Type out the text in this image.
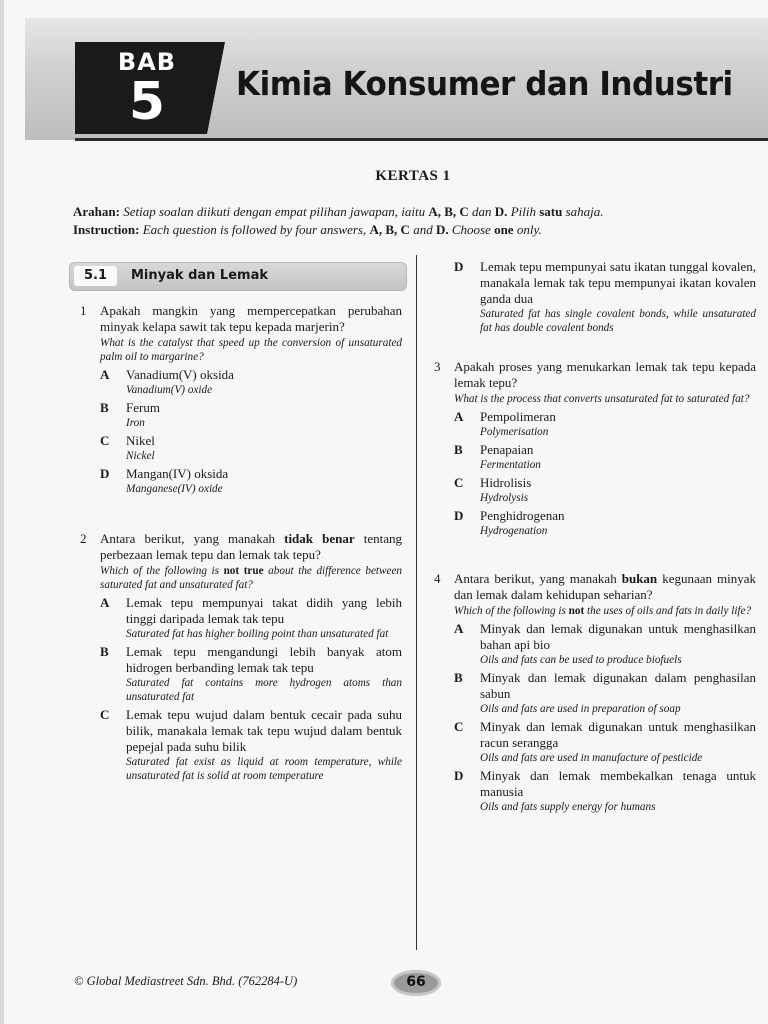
BAB
5	Kimia Konsumer dan Industri
KERTAS 1
Arahan: Setiap soalan diikuti dengan empat pilihan jawapan, iaitu A, B, C dan D. Pilih satu sahaja.
Instruction: Each question is followed by four answers, A, B, C and D. Choose one only.
5.1	Minyak dan Lemak
1	Apakah mangkin yang mempercepatkan perubahan minyak kelapa sawit tak tepu kepada marjerin?
What is the catalyst that speed up the conversion of unsaturated palm oil to margarine?
A Vanadium(V) oksida
Vanadium(V) oxide
B Ferum
Iron
C Nikel
Nickel
D Mangan(IV) oksida
Manganese(IV) oxide
2	Antara berikut, yang manakah tidak benar tentang perbezaan lemak tepu dan lemak tak tepu?
Which of the following is not true about the difference between saturated fat and unsaturated fat?
A Lemak tepu mempunyai takat didih yang lebih tinggi daripada lemak tak tepu
Saturated fat has higher boiling point than unsaturated fat
B Lemak tepu mengandungi lebih banyak atom hidrogen berbanding lemak tak tepu
Saturated fat contains more hydrogen atoms than unsaturated fat
C Lemak tepu wujud dalam bentuk cecair pada suhu bilik, manakala lemak tak tepu wujud dalam bentuk pepejal pada suhu bilik
Saturated fat exist as liquid at room temperature, while unsaturated fat is solid at room temperature
D Lemak tepu mempunyai satu ikatan tunggal kovalen, manakala lemak tak tepu mempunyai ikatan kovalen ganda dua
Saturated fat has single covalent bonds, while unsaturated fat has double covalent bonds
3	Apakah proses yang menukarkan lemak tak tepu kepada lemak tepu?
What is the process that converts unsaturated fat to saturated fat?
A Pempolimeran
Polymerisation
B Penapaian
Fermentation
C Hidrolisis
Hydrolysis
D Penghidrogenan
Hydrogenation
4	Antara berikut, yang manakah bukan kegunaan minyak dan lemak dalam kehidupan seharian?
Which of the following is not the uses of oils and fats in daily life?
A Minyak dan lemak digunakan untuk menghasilkan bahan api bio
Oils and fats can be used to produce biofuels
B Minyak dan lemak digunakan dalam penghasilan sabun
Oils and fats are used in preparation of soap
C Minyak dan lemak digunakan untuk menghasilkan racun serangga
Oils and fats are used in manufacture of pesticide
D Minyak dan lemak membekalkan tenaga untuk manusia
Oils and fats supply energy for humans
© Global Mediastreet Sdn. Bhd. (762284-U)	66
